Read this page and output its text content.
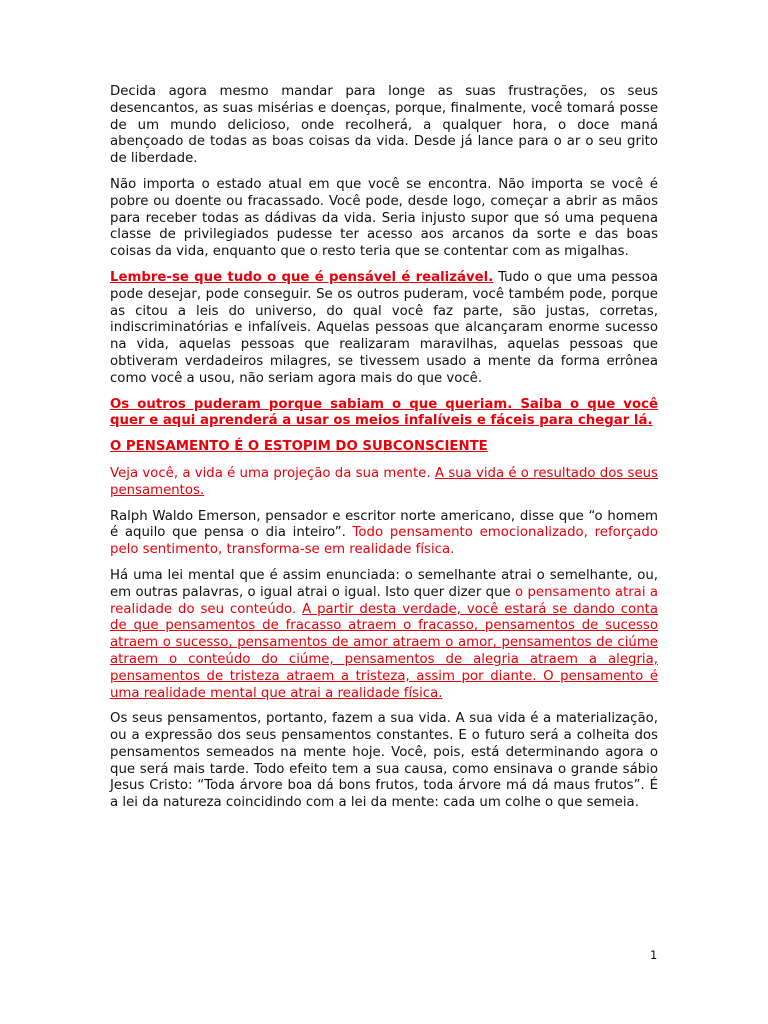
Decida agora mesmo mandar para longe as suas frustrações, os seus desencantos, as suas misérias e doenças, porque, finalmente, você tomará posse de um mundo delicioso, onde recolherá, a qualquer hora, o doce maná abençoado de todas as boas coisas da vida. Desde já lance para o ar o seu grito de liberdade.

Não importa o estado atual em que você se encontra. Não importa se você é pobre ou doente ou fracassado. Você pode, desde logo, começar a abrir as mãos para receber todas as dádivas da vida. Seria injusto supor que só uma pequena classe de privilegiados pudesse ter acesso aos arcanos da sorte e das boas coisas da vida, enquanto que o resto teria que se contentar com as migalhas.

Lembre-se que tudo o que é pensável é realizável. Tudo o que uma pessoa pode desejar, pode conseguir. Se os outros puderam, você também pode, porque as citou a leis do universo, do qual você faz parte, são justas, corretas, indiscriminatórias e infalíveis. Aquelas pessoas que alcançaram enorme sucesso na vida, aquelas pessoas que realizaram maravilhas, aquelas pessoas que obtiveram verdadeiros milagres, se tivessem usado a mente da forma errônea como você a usou, não seriam agora mais do que você.

Os outros puderam porque sabiam o que queriam. Saiba o que você quer e aqui aprenderá a usar os meios infalíveis e fáceis para chegar lá.

O PENSAMENTO É O ESTOPIM DO SUBCONSCIENTE

Veja você, a vida é uma projeção da sua mente. A sua vida é o resultado dos seus pensamentos.

Ralph Waldo Emerson, pensador e escritor norte americano, disse que “o homem é aquilo que pensa o dia inteiro”. Todo pensamento emocionalizado, reforçado pelo sentimento, transforma-se em realidade física.

Há uma lei mental que é assim enunciada: o semelhante atrai o semelhante, ou, em outras palavras, o igual atrai o igual. Isto quer dizer que o pensamento atrai a realidade do seu conteúdo. A partir desta verdade, você estará se dando conta de que pensamentos de fracasso atraem o fracasso, pensamentos de sucesso atraem o sucesso, pensamentos de amor atraem o amor, pensamentos de ciúme atraem o conteúdo do ciúme, pensamentos de alegria atraem a alegria, pensamentos de tristeza atraem a tristeza, assim por diante. O pensamento é uma realidade mental que atrai a realidade física.

Os seus pensamentos, portanto, fazem a sua vida. A sua vida é a materialização, ou a expressão dos seus pensamentos constantes. E o futuro será a colheita dos pensamentos semeados na mente hoje. Você, pois, está determinando agora o que será mais tarde. Todo efeito tem a sua causa, como ensinava o grande sábio Jesus Cristo: “Toda árvore boa dá bons frutos, toda árvore má dá maus frutos”. É a lei da natureza coincidindo com a lei da mente: cada um colhe o que semeia.

1
